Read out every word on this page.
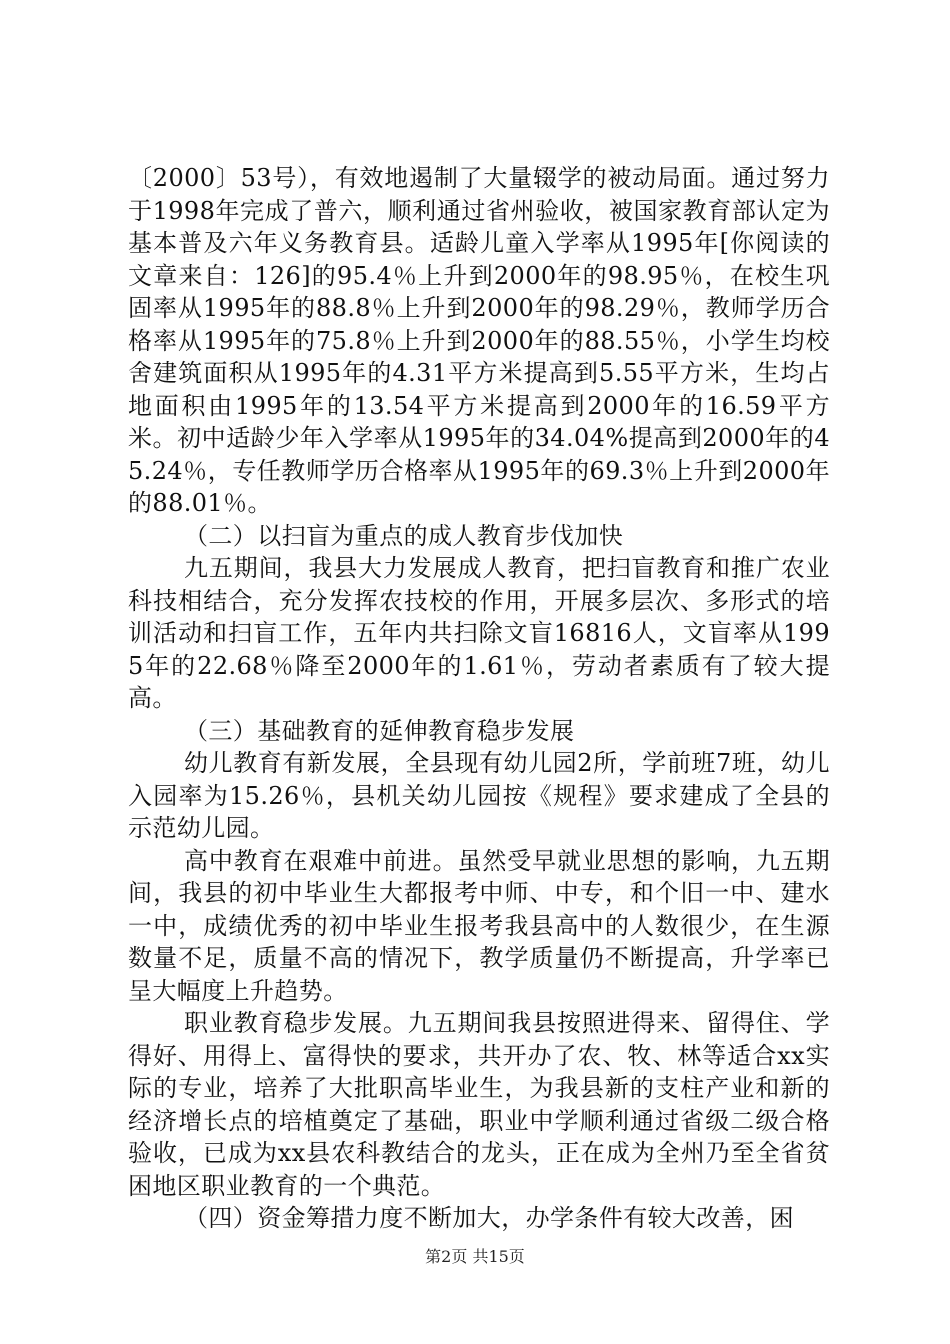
〔2000〕53号），有效地遏制了大量辍学的被动局面。通过努力于1998年完成了普六，顺利通过省州验收，被国家教育部认定为基本普及六年义务教育县。适龄儿童入学率从1995年[你阅读的文章来自：126]的95.4％上升到2000年的98.95％，在校生巩固率从1995年的88.8％上升到2000年的98.29％，教师学历合格率从1995年的75.8％上升到2000年的88.55％，小学生均校舍建筑面积从1995年的4.31平方米提高到5.55平方米，生均占地面积由1995年的13.54平方米提高到2000年的16.59平方米。初中适龄少年入学率从1995年的34.04%提高到2000年的45.24％，专任教师学历合格率从1995年的69.3％上升到2000年的88.01％。

（二）以扫盲为重点的成人教育步伐加快

九五期间，我县大力发展成人教育，把扫盲教育和推广农业科技相结合，充分发挥农技校的作用，开展多层次、多形式的培训活动和扫盲工作，五年内共扫除文盲16816人，文盲率从1995年的22.68％降至2000年的1.61％，劳动者素质有了较大提高。

（三）基础教育的延伸教育稳步发展

幼儿教育有新发展，全县现有幼儿园2所，学前班7班，幼儿入园率为15.26％，县机关幼儿园按《规程》要求建成了全县的示范幼儿园。

高中教育在艰难中前进。虽然受早就业思想的影响，九五期间，我县的初中毕业生大都报考中师、中专，和个旧一中、建水一中，成绩优秀的初中毕业生报考我县高中的人数很少，在生源数量不足，质量不高的情况下，教学质量仍不断提高，升学率已呈大幅度上升趋势。

职业教育稳步发展。九五期间我县按照进得来、留得住、学得好、用得上、富得快的要求，共开办了农、牧、林等适合xx实际的专业，培养了大批职高毕业生，为我县新的支柱产业和新的经济增长点的培植奠定了基础，职业中学顺利通过省级二级合格验收，已成为xx县农科教结合的龙头，正在成为全州乃至全省贫困地区职业教育的一个典范。

（四）资金筹措力度不断加大，办学条件有较大改善，困

第2页 共15页
